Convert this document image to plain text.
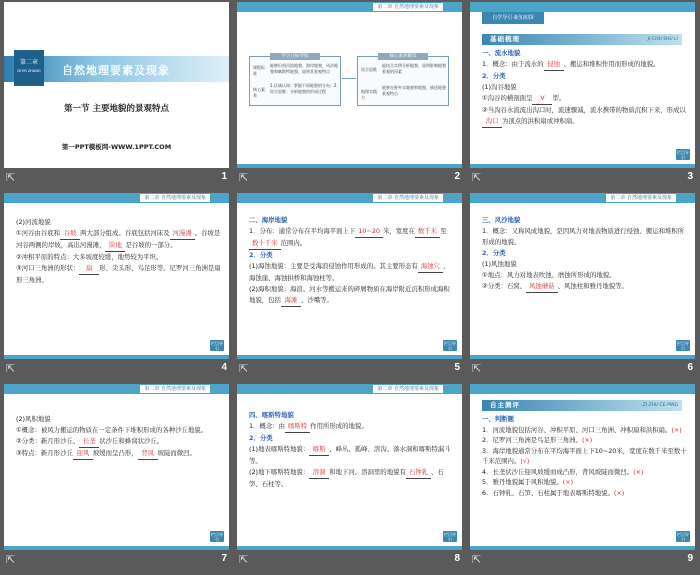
第二章
DI ER ZHANG	自然地理要素及现象
第一节 主要地貌的景观特点
第一PPT模板网-WWW.1PPT.COM
⇱	1
第二章 自然地理要素及现象
学习目标导航
课程标准
能够识别河流地貌、海岸地貌、风沙地貌和喀斯特地貌，说明其景观特点
核心素养
1.区域认知：掌握不同地貌的分布；2.综合思维：分析地貌的形成过程
核心素养解读
综合思维
能结合实例分析地貌，说明影响地貌景观的因素
地理实践力
能够在野外实地观察地貌，描述地貌景观特点
⇱	2
自学导引·新知初探
基础梳理	JI CHU SHU LI
一、流水地貌
1．概念：由于流水的 侵蚀 、搬运和堆积作用而形成的地貌。
2．分类
(1)沟谷地貌
①沟谷的横剖面呈 V 型。
②当沟谷水流流出沟口时，流速骤减，流水携带的物质沉积下来，形成以沟口 为顶点的洪积扇或冲积扇。
栏目导引
⇱	3
第二章 自然地理要素及现象
(2)河流地貌
①河谷由谷底和 谷坡 两大部分组成。谷底包括河床及 河漫滩 。谷坡是河谷两侧的岸坡，高出河漫滩， 阶地 是谷坡的一部分。
②冲积平原的特点：大多坡度较缓，地势较为平坦。
③河口三角洲的形状： 扇 形、尖头形、鸟足形等。尼罗河三角洲是扇形三角洲。
栏目导引
⇱	4
第二章 自然地理要素及现象
二、海岸地貌
1．分布：通常分布在平均海平面上下 10~20 米，宽度在 数千米 至数十千米 范围内。
2．分类
(1)海蚀地貌：主要是受海浪侵蚀作用形成的。其主要形态有 海蚀穴 、海蚀崖、海蚀拱桥和海蚀柱等。
(2)海积地貌：海浪、河水等搬运来的碎屑物质在海岸附近沉积形成海积地貌，包括 海滩 、沙嘴等。
栏目导引
⇱	5
第二章 自然地理要素及现象
三、风沙地貌
1．概念：又称风成地貌，是因风力对地表物质进行侵蚀、搬运和堆积所形成的地貌。
2．分类
(1)风蚀地貌
①地点：风力对地表吹蚀、磨蚀所形成的地貌。
②分类：石窝、 风蚀蘑菇 、风蚀柱和雅丹地貌等。
栏目导引
⇱	6
第二章 自然地理要素及现象
(2)风积地貌
①概念：被风力搬运的物质在一定条件下堆积形成的各种沙丘地貌。
②分类：新月形沙丘、 长垄 状沙丘和蜂窝状沙丘。
③特点：新月形沙丘 迎风 坡缓而呈凸形， 背风 坡陡而微凹。
栏目导引
⇱	7
第二章 自然地理要素及现象
四、喀斯特地貌
1．概念：由 喀斯特 作用所形成的地貌。
2．分类
(1)地表喀斯特地貌： 喀斯 、峰丛、孤峰、溶沟、落水洞和喀斯特漏斗等。
(2)地下喀斯特地貌： 溶洞 和地下河。溶洞里的地貌有 石钟乳 、石笋、石柱等。
栏目导引
⇱	8
自主测评	ZI ZHU CE PING
一、判断题
1．河流地貌包括河谷、冲积平原、河口三角洲、冲积扇和洪积扇。(×)
2．尼罗河三角洲是鸟足形三角洲。(×)
3．海岸地貌通常分布在平均海平面上下10~20米，宽度在数千米至数十千米范围内。(√)
4．长垄状沙丘迎风坡缓而成凸形，背风坡陡而微凹。(×)
5．雅丹地貌属于风积地貌。(×)
6．石钟乳、石笋、石柱属于地表喀斯特地貌。(×)
栏目导引
⇱	9
